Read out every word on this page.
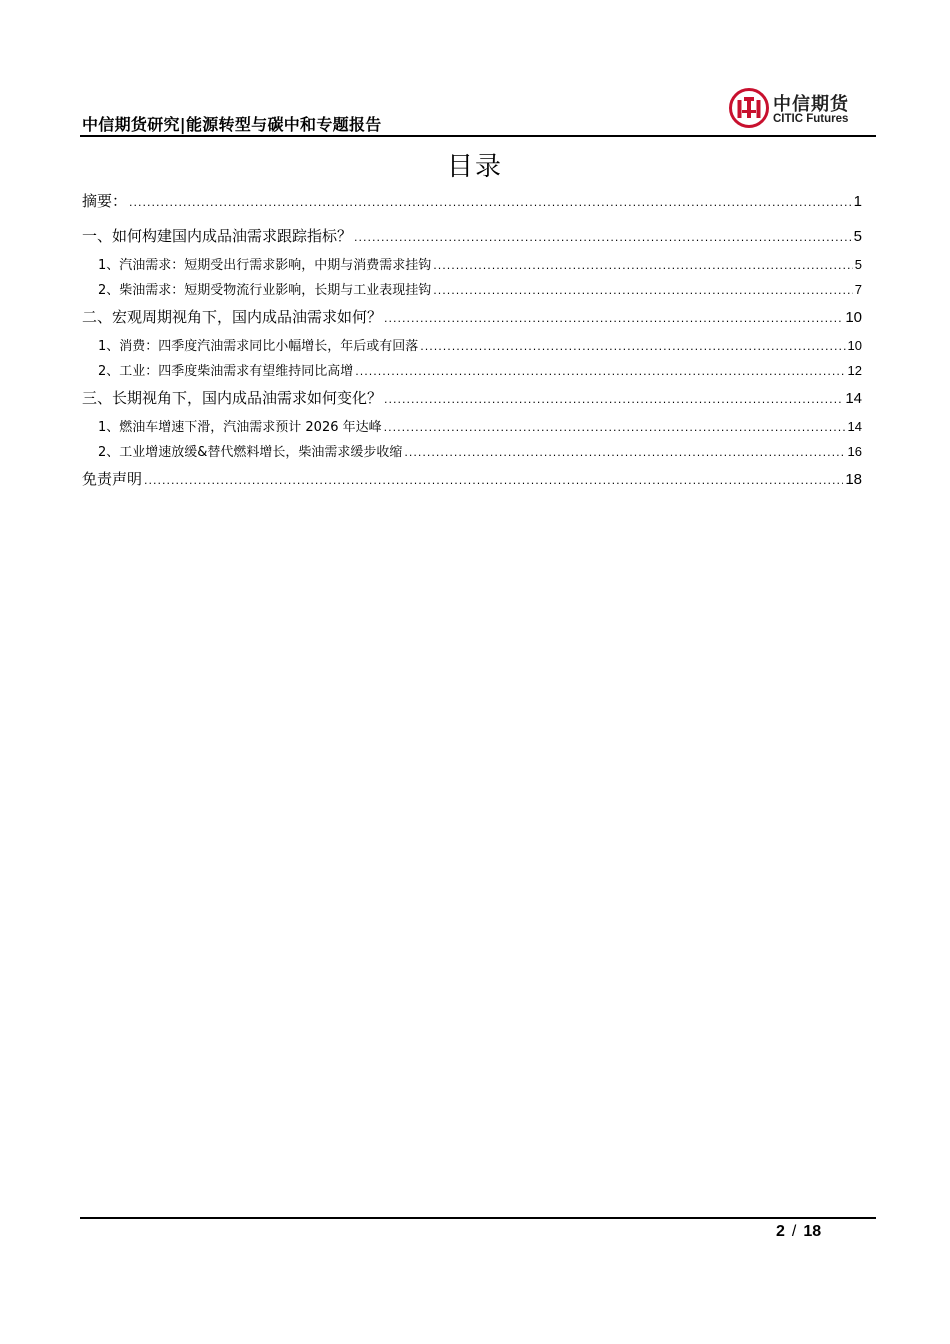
中信期货研究|能源转型与碳中和专题报告
中信期货
CITIC Futures
目录
摘要： .....	1
一、如何构建国内成品油需求跟踪指标？ .....	5
1、汽油需求：短期受出行需求影响，中期与消费需求挂钩 .....	5
2、柴油需求：短期受物流行业影响，长期与工业表现挂钩 .....	7
二、宏观周期视角下，国内成品油需求如何？ .....	10
1、消费：四季度汽油需求同比小幅增长，年后或有回落 .....	10
2、工业：四季度柴油需求有望维持同比高增 .....	12
三、长期视角下，国内成品油需求如何变化？ .....	14
1、燃油车增速下滑，汽油需求预计 2026 年达峰 .....	14
2、工业增速放缓&替代燃料增长，柴油需求缓步收缩 .....	16
免责声明 .....	18
2 / 18
